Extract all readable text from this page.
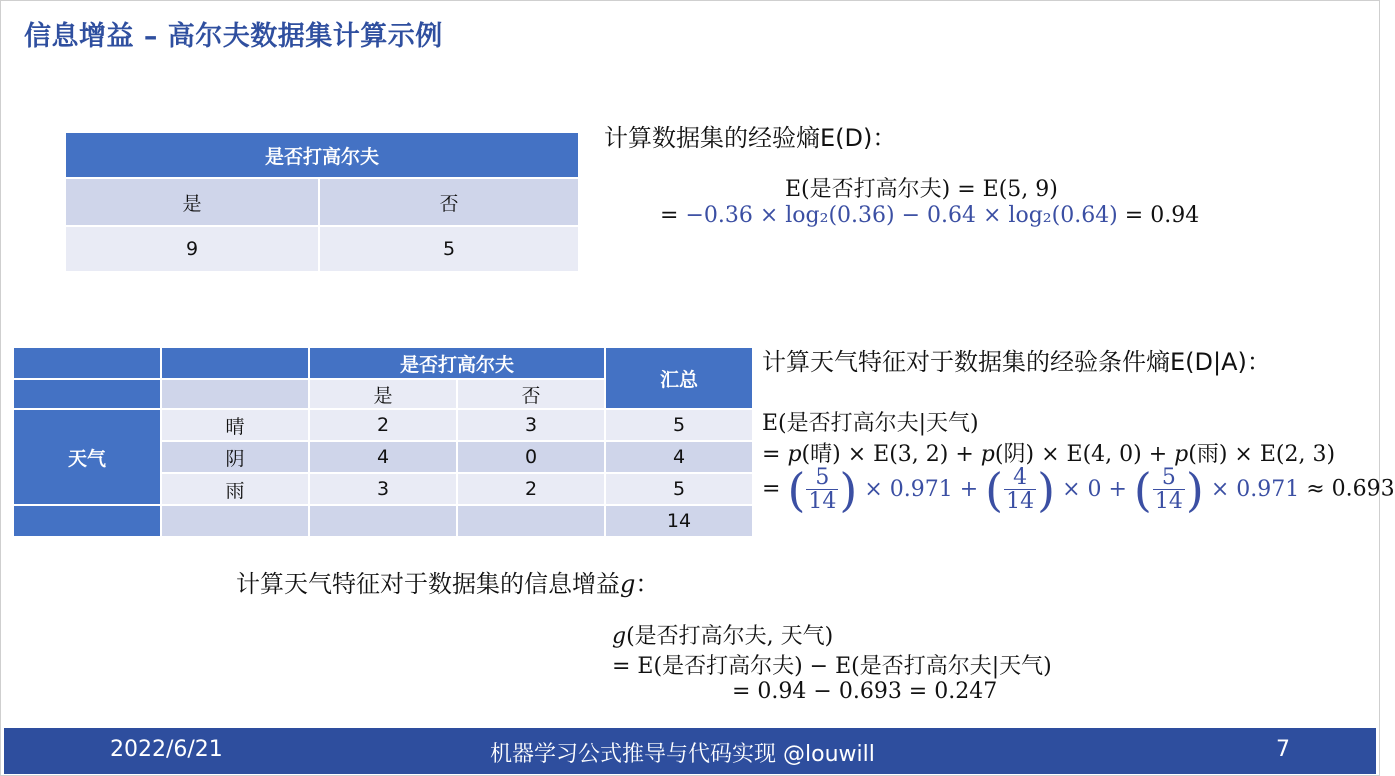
信息增益 – 高尔夫数据集计算示例
是否打高尔夫	
是	否
9	5
计算数据集的经验熵E(D)：
E(是否打高尔夫) = E(5, 9)
= −0.36 × log₂(0.36) − 0.64 × log₂(0.64) = 0.94
		是否打高尔夫		汇总
		是	否	
天气	晴	2	3	5
	阴	4	0	4
	雨	3	2	5
				14
计算天气特征对于数据集的经验条件熵E(D|A)：
E(是否打高尔夫|天气)
= p(晴) × E(3, 2) + p(阴) × E(4, 0) + p(雨) × E(2, 3)
= ( $\frac{5}{14}$ ) × 0.971 + ( $\frac{4}{14}$ ) × 0 + ( $\frac{5}{14}$ ) × 0.971 ≈ 0.693
计算天气特征对于数据集的信息增益g：
g(是否打高尔夫, 天气)
= E(是否打高尔夫) − E(是否打高尔夫|天气)
= 0.94 − 0.693 = 0.247
2022/6/21	机器学习公式推导与代码实现 @louwill	7
